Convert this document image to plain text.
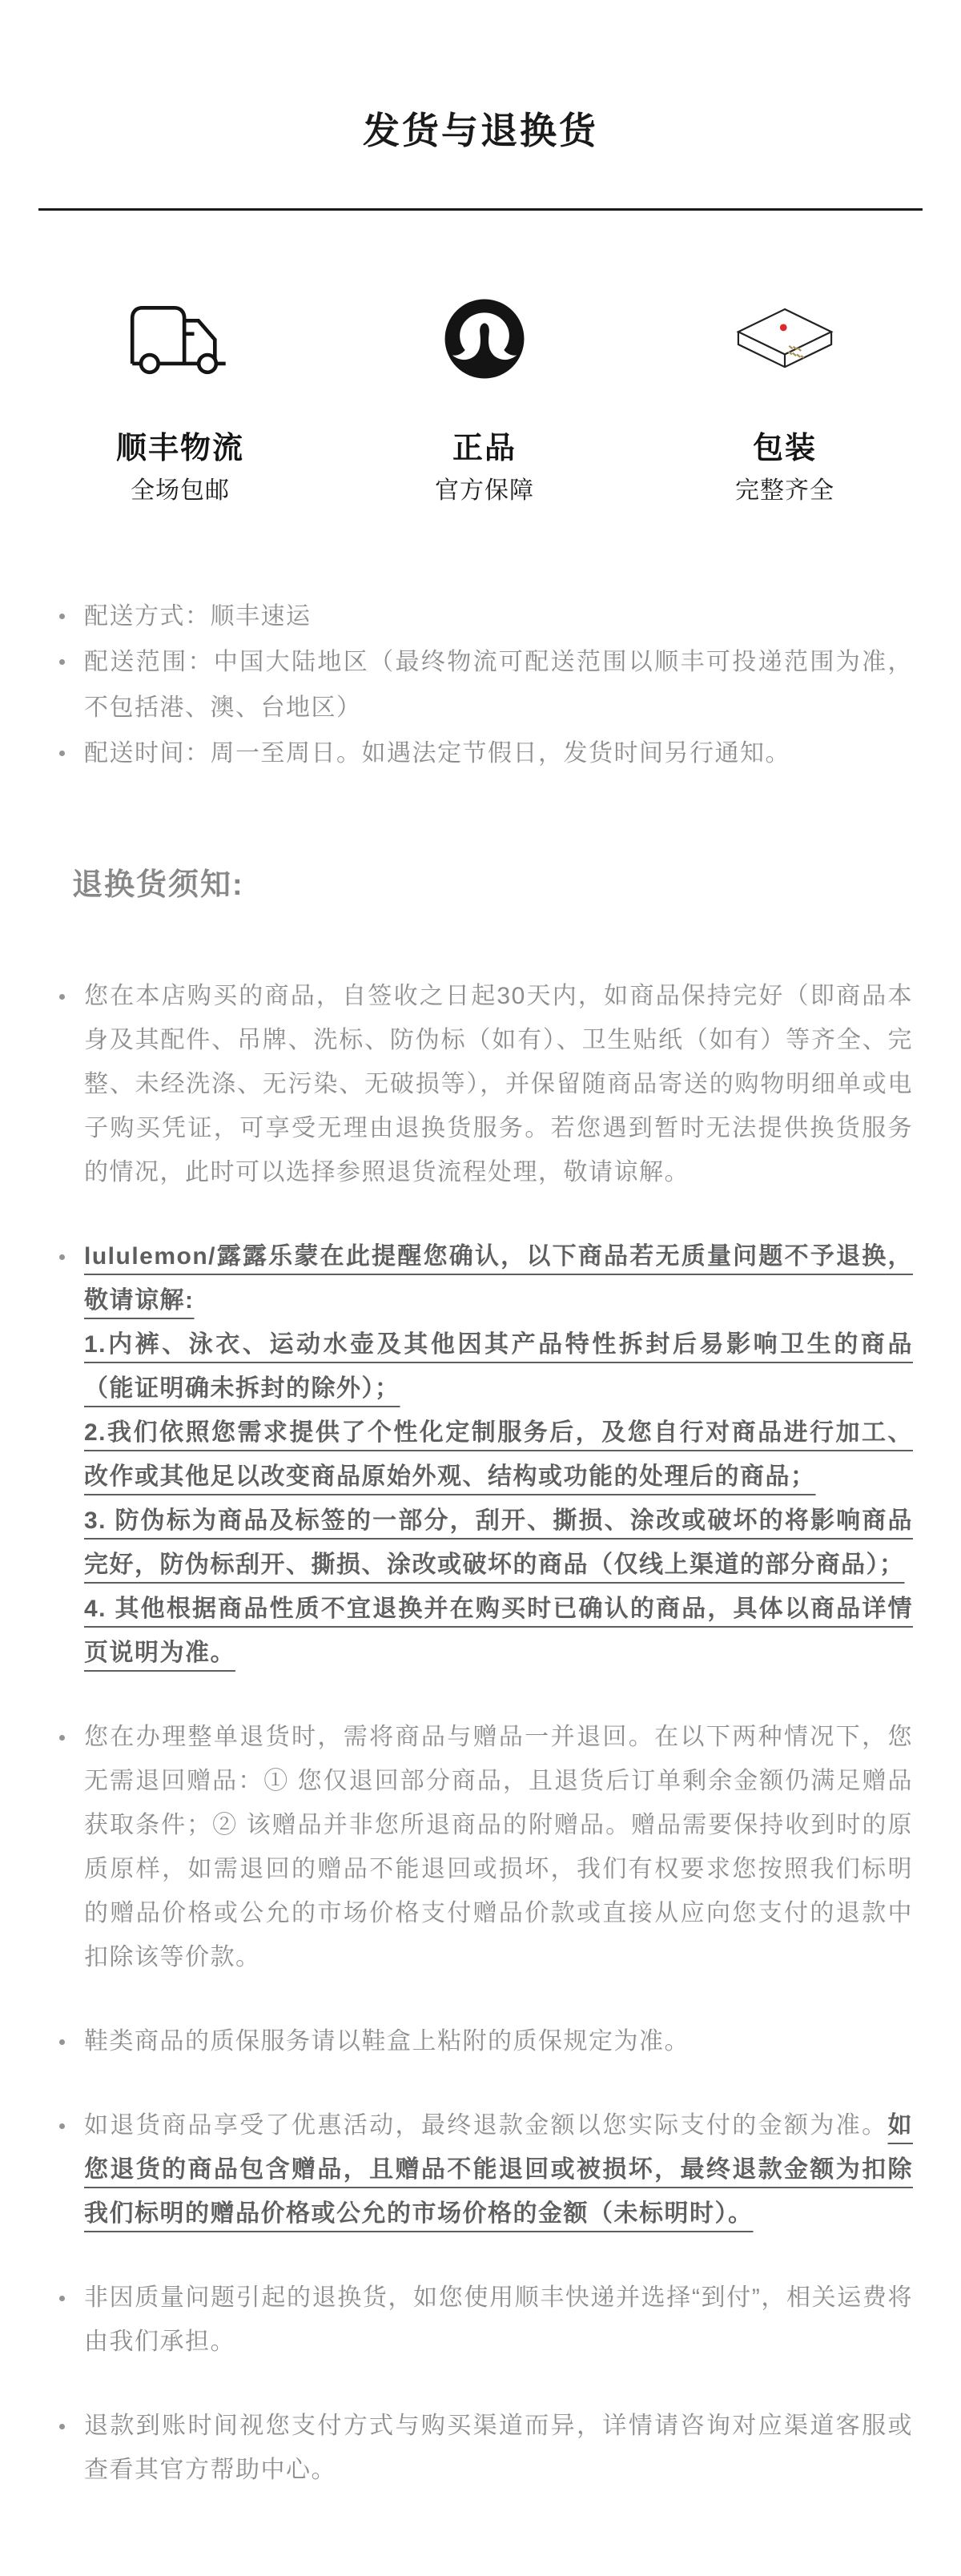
发货与退换货
顺丰物流
全场包邮
正品
官方保障
包装
完整齐全

配送方式：顺丰速运

配送范围：中国大陆地区（最终物流可配送范围以顺丰可投递范围为准，不包括港、澳、台地区）

配送时间：周一至周日。如遇法定节假日，发货时间另行通知。

退换货须知:

您在本店购买的商品，自签收之日起30天内，如商品保持完好（即商品本身及其配件、吊牌、洗标、防伪标（如有）、卫生贴纸（如有）等齐全、完整、未经洗涤、无污染、无破损等），并保留随商品寄送的购物明细单或电子购买凭证，可享受无理由退换货服务。若您遇到暂时无法提供换货服务的情况，此时可以选择参照退货流程处理，敬请谅解。

lululemon/露露乐蒙在此提醒您确认，以下商品若无质量问题不予退换，敬请谅解:
1.内裤、泳衣、运动水壶及其他因其产品特性拆封后易影响卫生的商品（能证明确未拆封的除外）；
2.我们依照您需求提供了个性化定制服务后，及您自行对商品进行加工、改作或其他足以改变商品原始外观、结构或功能的处理后的商品；
3. 防伪标为商品及标签的一部分，刮开、撕损、涂改或破坏的将影响商品完好，防伪标刮开、撕损、涂改或破坏的商品（仅线上渠道的部分商品）；
4. 其他根据商品性质不宜退换并在购买时已确认的商品，具体以商品详情页说明为准。

您在办理整单退货时，需将商品与赠品一并退回。在以下两种情况下，您无需退回赠品：① 您仅退回部分商品，且退货后订单剩余金额仍满足赠品获取条件；② 该赠品并非您所退商品的附赠品。赠品需要保持收到时的原质原样，如需退回的赠品不能退回或损坏，我们有权要求您按照我们标明的赠品价格或公允的市场价格支付赠品价款或直接从应向您支付的退款中扣除该等价款。

鞋类商品的质保服务请以鞋盒上粘附的质保规定为准。

如退货商品享受了优惠活动，最终退款金额以您实际支付的金额为准。如您退货的商品包含赠品，且赠品不能退回或被损坏，最终退款金额为扣除我们标明的赠品价格或公允的市场价格的金额（未标明时）。

非因质量问题引起的退换货，如您使用顺丰快递并选择“到付”，相关运费将由我们承担。

退款到账时间视您支付方式与购买渠道而异，详情请咨询对应渠道客服或查看其官方帮助中心。
